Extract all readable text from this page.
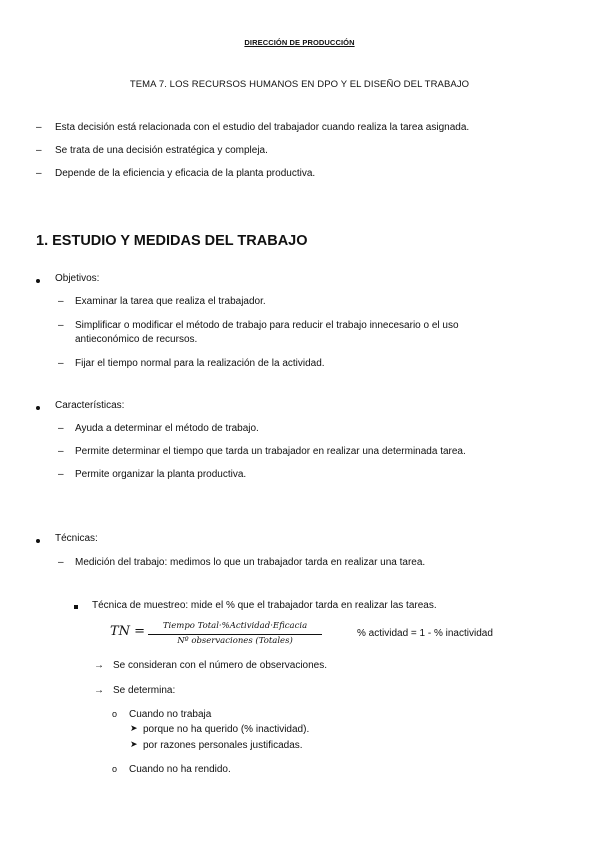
DIRECCIÓN DE PRODUCCIÓN
TEMA 7. LOS RECURSOS HUMANOS EN DPO Y EL DISEÑO DEL TRABAJO
– Esta decisión está relacionada con el estudio del trabajador cuando realiza la tarea asignada.
– Se trata de una decisión estratégica y compleja.
– Depende de la eficiencia y eficacia de la planta productiva.
1. ESTUDIO Y MEDIDAS DEL TRABAJO
Objetivos:
– Examinar la tarea que realiza el trabajador.
– Simplificar o modificar el método de trabajo para reducir el trabajo innecesario o el uso
antieconómico de recursos.
– Fijar el tiempo normal para la realización de la actividad.
Características:
– Ayuda a determinar el método de trabajo.
– Permite determinar el tiempo que tarda un trabajador en realizar una determinada tarea.
– Permite organizar la planta productiva.
Técnicas:
– Medición del trabajo: medimos lo que un trabajador tarda en realizar una tarea.
Técnica de muestreo: mide el % que el trabajador tarda en realizar las tareas.
TN =	Tiempo Total·%Actividad·Eficacia
Nº observaciones (Totales)
% actividad = 1 - % inactividad
→ Se consideran con el número de observaciones.
→ Se determina:
o Cuando no trabaja
➤ porque no ha querido (% inactividad).
➤ por razones personales justificadas.
o Cuando no ha rendido.
